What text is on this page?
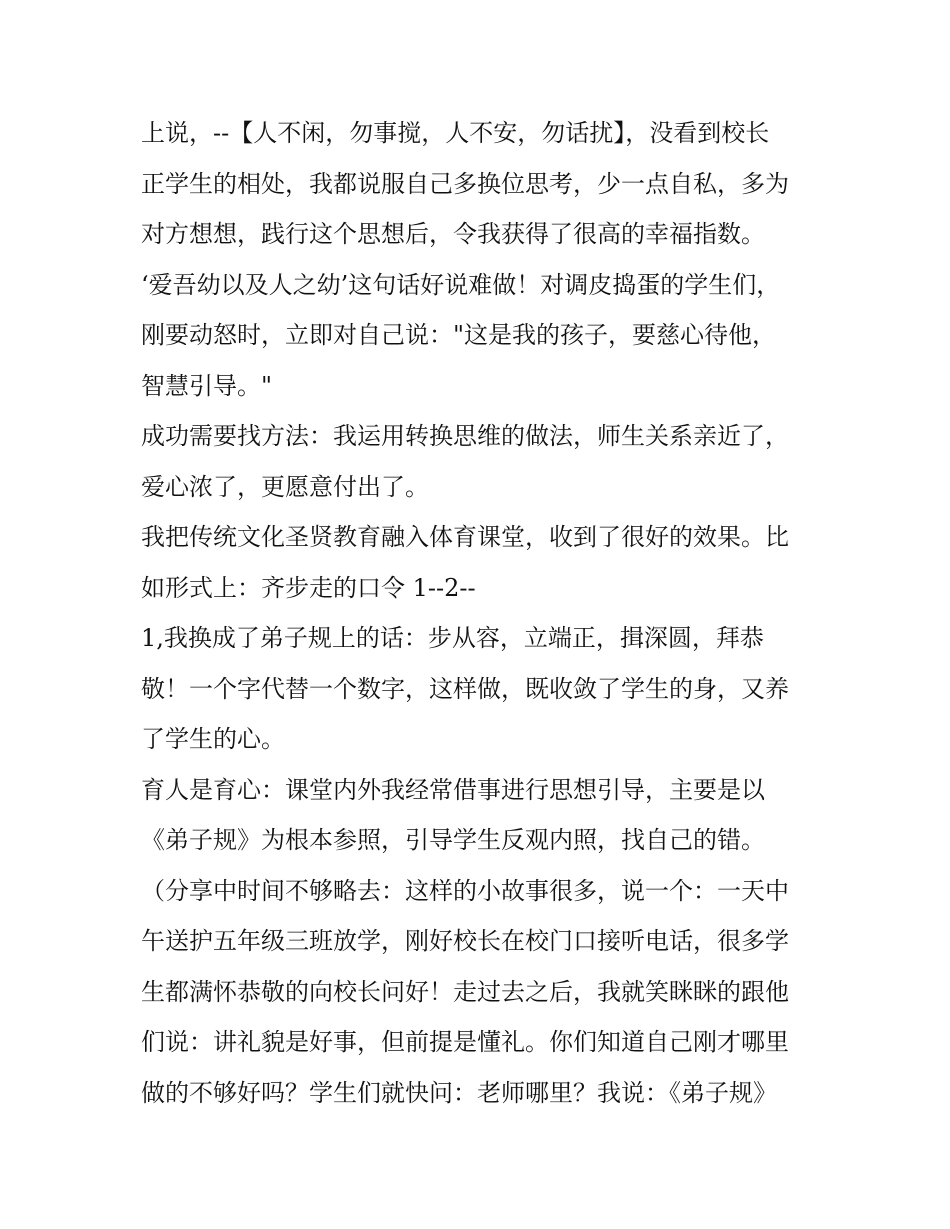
上说，--【人不闲，勿事搅，人不安，勿话扰】，没看到校长
正学生的相处，我都说服自己多换位思考，少一点自私，多为
对方想想，践行这个思想后，令我获得了很高的幸福指数。
‘爱吾幼以及人之幼’这句话好说难做！对调皮捣蛋的学生们，
刚要动怒时，立即对自己说："这是我的孩子，要慈心待他，
智慧引导。"
成功需要找方法：我运用转换思维的做法，师生关系亲近了，
爱心浓了，更愿意付出了。
我把传统文化圣贤教育融入体育课堂，收到了很好的效果。比
如形式上：齐步走的口令 1--2--
1,我换成了弟子规上的话：步从容，立端正，揖深圆，拜恭
敬！一个字代替一个数字，这样做，既收敛了学生的身，又养
了学生的心。
育人是育心：课堂内外我经常借事进行思想引导，主要是以
《弟子规》为根本参照，引导学生反观内照，找自己的错。
（分享中时间不够略去：这样的小故事很多，说一个：一天中
午送护五年级三班放学，刚好校长在校门口接听电话，很多学
生都满怀恭敬的向校长问好！走过去之后，我就笑眯眯的跟他
们说：讲礼貌是好事，但前提是懂礼。你们知道自己刚才哪里
做的不够好吗？学生们就快问：老师哪里？我说：《弟子规》
